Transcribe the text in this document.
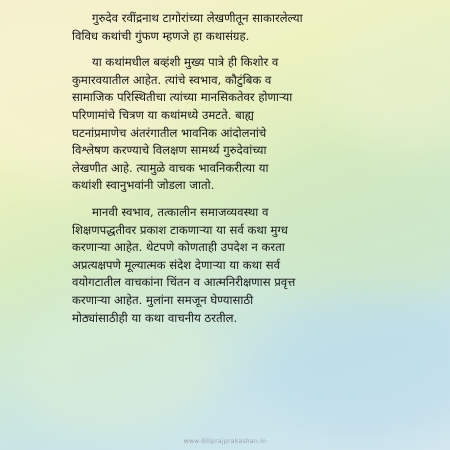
गुरुदेव रवींद्रनाथ टागोरांच्या लेखणीतून साकारलेल्या
विविध कथांची गुंफण म्हणजे हा कथासंग्रह.
या कथांमधील बव्हंशी मुख्य पात्रे ही किशोर व
कुमारवयातील आहेत. त्यांचे स्वभाव, कौटुंबिक व
सामाजिक परिस्थितीचा त्यांच्या मानसिकतेवर होणाऱ्या
परिणामांचे चित्रण या कथांमध्ये उमटते. बाह्य
घटनांप्रमाणेच अंतरंगातील भावनिक आंदोलनांचे
विश्लेषण करण्याचे विलक्षण सामर्थ्य गुरुदेवांच्या
लेखणीत आहे. त्यामुळे वाचक भावनिकरीत्या या
कथांशी स्वानुभवांनी जोडला जातो.
मानवी स्वभाव, तत्कालीन समाजव्यवस्था व
शिक्षणपद्धतीवर प्रकाश टाकणाऱ्या या सर्व कथा मुग्ध
करणाऱ्या आहेत. थेटपणे कोणताही उपदेश न करता
अप्रत्यक्षपणे मूल्यात्मक संदेश देणाऱ्या या कथा सर्व
वयोगटातील वाचकांना चिंतन व आत्मनिरीक्षणास प्रवृत्त
करणाऱ्या आहेत. मुलांना समजून घेण्यासाठी
मोठ्यांसाठीही या कथा वाचनीय ठरतील.
www.diliprajprakashan.in
